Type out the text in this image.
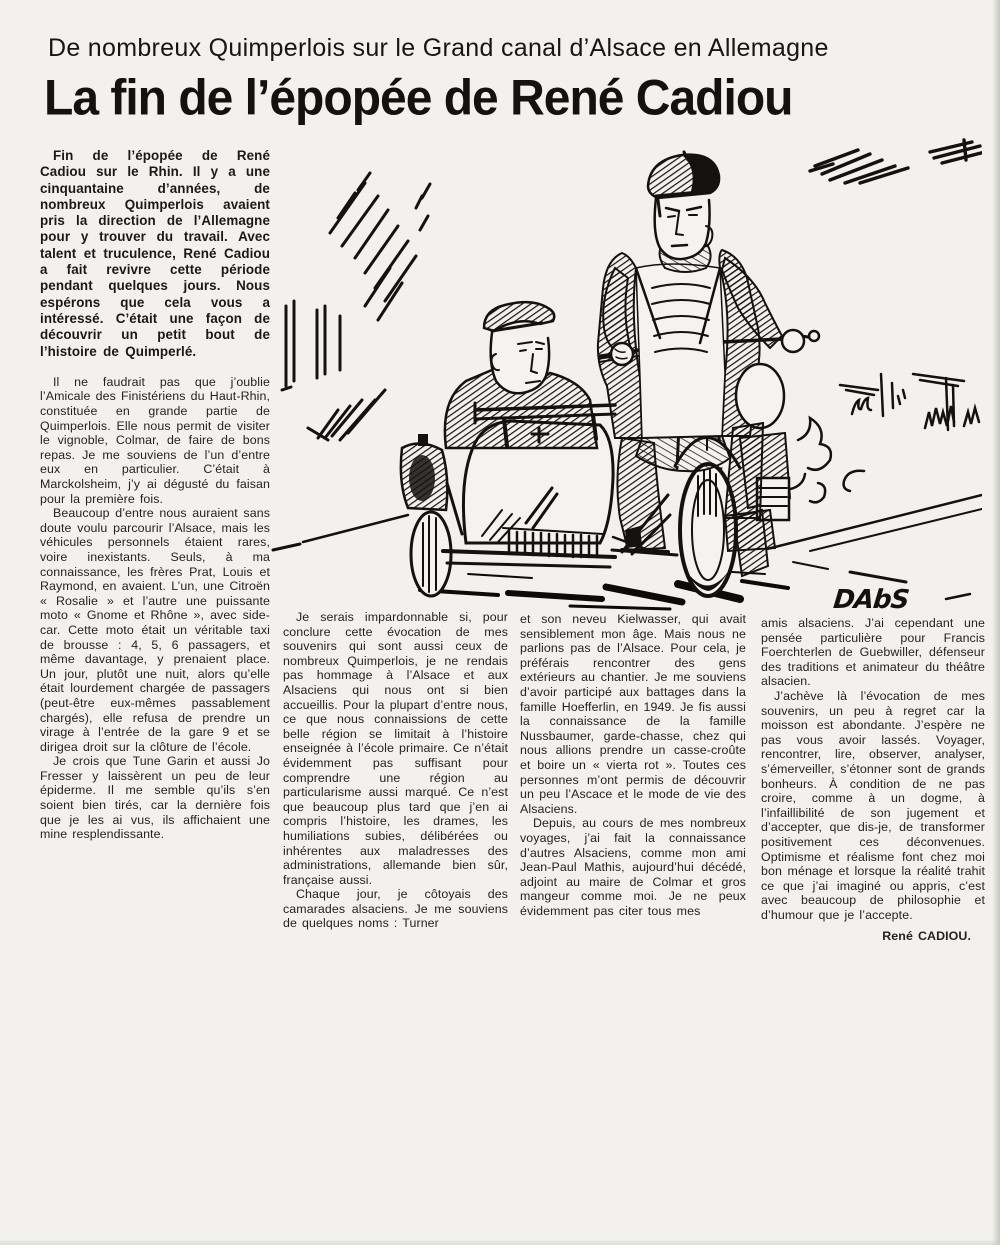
De nombreux Quimperlois sur le Grand canal d’Alsace en Allemagne
La fin de l’épopée de René Cadiou
DAbS

Fin de l’épopée de René Cadiou sur le Rhin. Il y a une cinquantaine d’années, de nombreux Quimperlois avaient pris la direction de l’Allemagne pour y trouver du travail. Avec talent et truculence, René Cadiou a fait revivre cette période pendant quelques jours. Nous espérons que cela vous a intéressé. C’était une façon de découvrir un petit bout de l’histoire de Quimperlé.

Il ne faudrait pas que j’oublie l’Amicale des Finistériens du Haut-Rhin, constituée en grande partie de Quimperlois. Elle nous permit de visiter le vignoble, Colmar, de faire de bons repas. Je me souviens de l’un d’entre eux en particulier. C’était à Marckolsheim, j’y ai dégusté du faisan pour la première fois.

Beaucoup d’entre nous auraient sans doute voulu parcourir l’Alsace, mais les véhicules personnels étaient rares, voire inexistants. Seuls, à ma connaissance, les frères Prat, Louis et Raymond, en avaient. L’un, une Citroën « Rosalie » et l’autre une puissante moto « Gnome et Rhône », avec side-car. Cette moto était un véritable taxi de brousse : 4, 5, 6 passagers, et même davantage, y prenaient place. Un jour, plutôt une nuit, alors qu’elle était lourdement chargée de passagers (peut-être eux-mêmes passablement chargés), elle refusa de prendre un virage à l’entrée de la gare 9 et se dirigea droit sur la clôture de l’école.

Je crois que Tune Garin et aussi Jo Fresser y laissèrent un peu de leur épiderme. Il me semble qu’ils s’en soient bien tirés, car la dernière fois que je les ai vus, ils affichaient une mine resplendissante.

Je serais impardonnable si, pour conclure cette évocation de mes souvenirs qui sont aussi ceux de nombreux Quimperlois, je ne rendais pas hommage à l’Alsace et aux Alsaciens qui nous ont si bien accueillis. Pour la plupart d’entre nous, ce que nous connaissions de cette belle région se limitait à l’histoire enseignée à l’école primaire. Ce n’était évidemment pas suffisant pour comprendre une région au particularisme aussi marqué. Ce n’est que beaucoup plus tard que j’en ai compris l’histoire, les drames, les humiliations subies, délibérées ou inhérentes aux maladresses des administrations, allemande bien sûr, française aussi.

Chaque jour, je côtoyais des camarades alsaciens. Je me souviens de quelques noms : Turner

et son neveu Kielwasser, qui avait sensiblement mon âge. Mais nous ne parlions pas de l’Alsace. Pour cela, je préférais rencontrer des gens extérieurs au chantier. Je me souviens d’avoir participé aux battages dans la famille Hoefferlin, en 1949. Je fis aussi la connaissance de la famille Nussbaumer, garde-chasse, chez qui nous allions prendre un casse-croûte et boire un « vierta rot ». Toutes ces personnes m’ont permis de découvrir un peu l’Ascace et le mode de vie des Alsaciens.

Depuis, au cours de mes nombreux voyages, j’ai fait la connaissance d’autres Alsaciens, comme mon ami Jean-Paul Mathis, aujourd’hui décédé, adjoint au maire de Colmar et gros mangeur comme moi. Je ne peux évidemment pas citer tous mes

amis alsaciens. J’ai cependant une pensée particulière pour Francis Foerchterlen de Guebwiller, défenseur des traditions et animateur du théâtre alsacien.

J’achève là l’évocation de mes souvenirs, un peu à regret car la moisson est abondante. J’espère ne pas vous avoir lassés. Voyager, rencontrer, lire, observer, analyser, s’émerveiller, s’étonner sont de grands bonheurs. À condition de ne pas croire, comme à un dogme, à l’infaillibilité de son jugement et d’accepter, que dis-je, de transformer positivement ces déconvenues. Optimisme et réalisme font chez moi bon ménage et lorsque la réalité trahit ce que j’ai imaginé ou appris, c’est avec beaucoup de philosophie et d’humour que je l’accepte.

René CADIOU.
